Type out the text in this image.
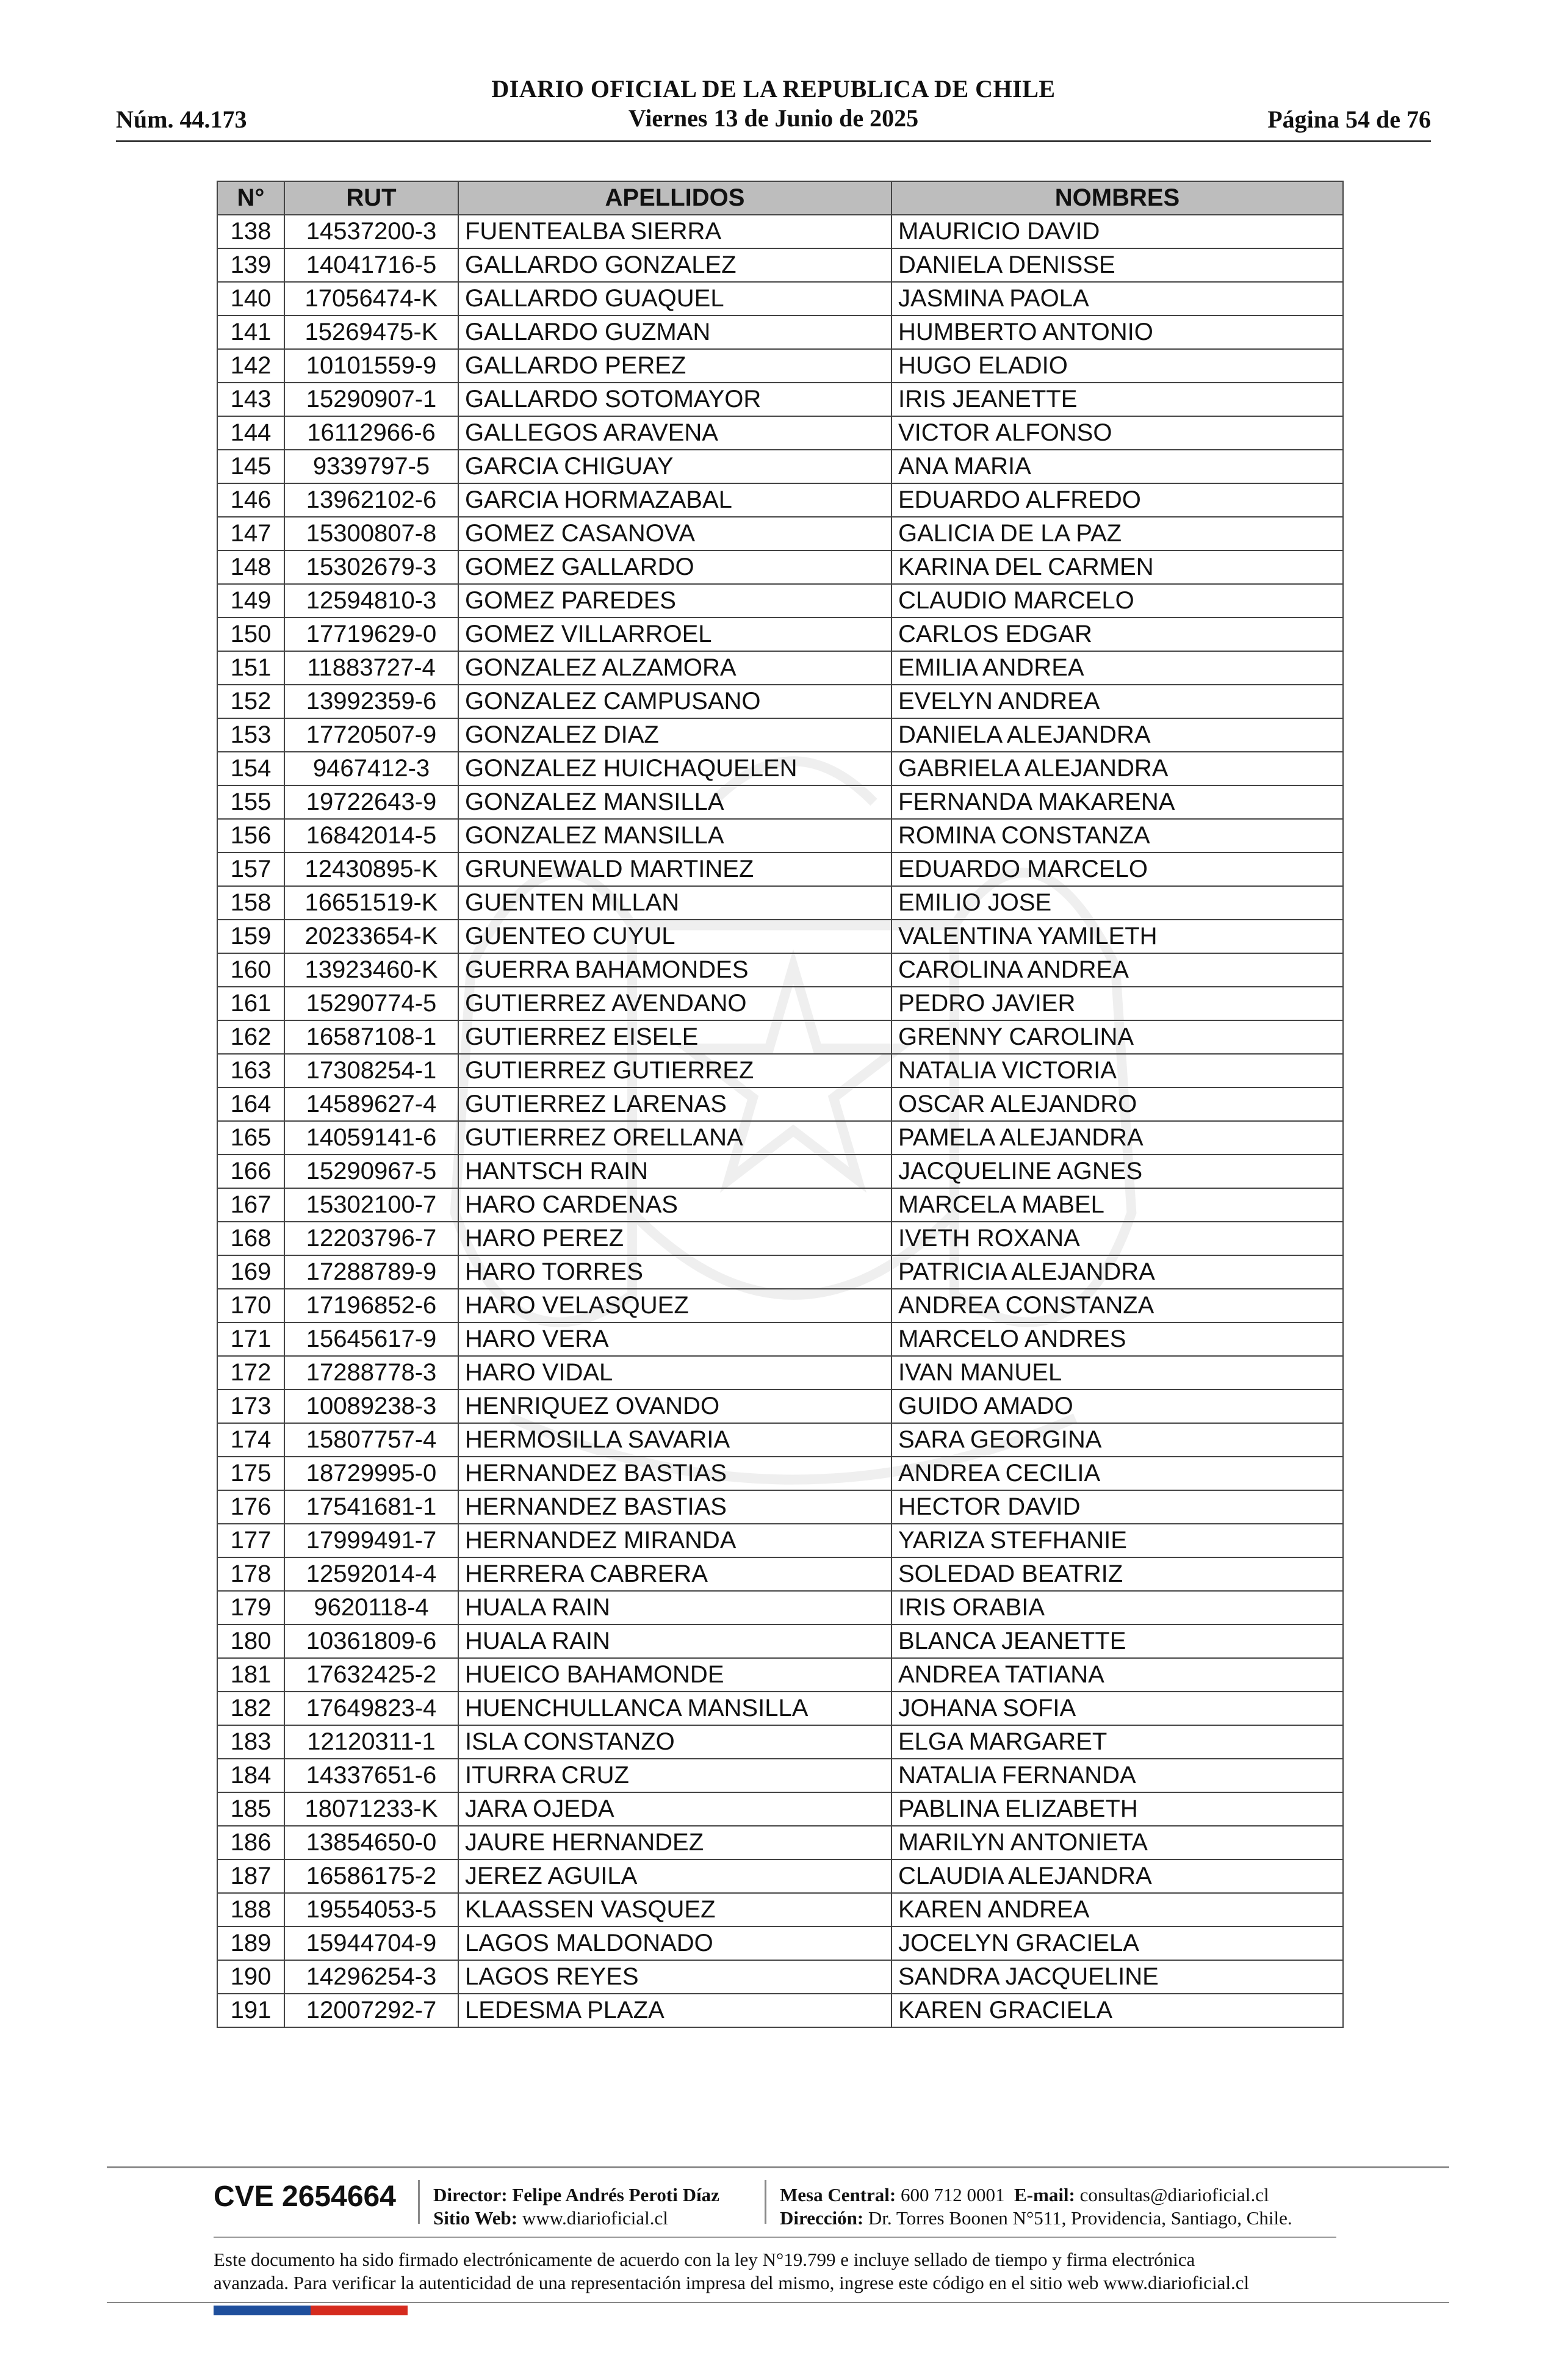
DIARIO OFICIAL DE LA REPUBLICA DE CHILE
Viernes 13 de Junio de 2025
Núm. 44.173	Página 54 de 76
N°	RUT	APELLIDOS	NOMBRES
138	14537200-3	FUENTEALBA SIERRA	MAURICIO DAVID
139	14041716-5	GALLARDO GONZALEZ	DANIELA DENISSE
140	17056474-K	GALLARDO GUAQUEL	JASMINA PAOLA
141	15269475-K	GALLARDO GUZMAN	HUMBERTO ANTONIO
142	10101559-9	GALLARDO PEREZ	HUGO ELADIO
143	15290907-1	GALLARDO SOTOMAYOR	IRIS JEANETTE
144	16112966-6	GALLEGOS ARAVENA	VICTOR ALFONSO
145	9339797-5	GARCIA CHIGUAY	ANA MARIA
146	13962102-6	GARCIA HORMAZABAL	EDUARDO ALFREDO
147	15300807-8	GOMEZ CASANOVA	GALICIA DE LA PAZ
148	15302679-3	GOMEZ GALLARDO	KARINA DEL CARMEN
149	12594810-3	GOMEZ PAREDES	CLAUDIO MARCELO
150	17719629-0	GOMEZ VILLARROEL	CARLOS EDGAR
151	11883727-4	GONZALEZ ALZAMORA	EMILIA ANDREA
152	13992359-6	GONZALEZ CAMPUSANO	EVELYN ANDREA
153	17720507-9	GONZALEZ DIAZ	DANIELA ALEJANDRA
154	9467412-3	GONZALEZ HUICHAQUELEN	GABRIELA ALEJANDRA
155	19722643-9	GONZALEZ MANSILLA	FERNANDA MAKARENA
156	16842014-5	GONZALEZ MANSILLA	ROMINA CONSTANZA
157	12430895-K	GRUNEWALD MARTINEZ	EDUARDO MARCELO
158	16651519-K	GUENTEN MILLAN	EMILIO JOSE
159	20233654-K	GUENTEO CUYUL	VALENTINA YAMILETH
160	13923460-K	GUERRA BAHAMONDES	CAROLINA ANDREA
161	15290774-5	GUTIERREZ AVENDANO	PEDRO JAVIER
162	16587108-1	GUTIERREZ EISELE	GRENNY CAROLINA
163	17308254-1	GUTIERREZ GUTIERREZ	NATALIA VICTORIA
164	14589627-4	GUTIERREZ LARENAS	OSCAR ALEJANDRO
165	14059141-6	GUTIERREZ ORELLANA	PAMELA ALEJANDRA
166	15290967-5	HANTSCH RAIN	JACQUELINE AGNES
167	15302100-7	HARO CARDENAS	MARCELA MABEL
168	12203796-7	HARO PEREZ	IVETH ROXANA
169	17288789-9	HARO TORRES	PATRICIA ALEJANDRA
170	17196852-6	HARO VELASQUEZ	ANDREA CONSTANZA
171	15645617-9	HARO VERA	MARCELO ANDRES
172	17288778-3	HARO VIDAL	IVAN MANUEL
173	10089238-3	HENRIQUEZ OVANDO	GUIDO AMADO
174	15807757-4	HERMOSILLA SAVARIA	SARA GEORGINA
175	18729995-0	HERNANDEZ BASTIAS	ANDREA CECILIA
176	17541681-1	HERNANDEZ BASTIAS	HECTOR DAVID
177	17999491-7	HERNANDEZ MIRANDA	YARIZA STEFHANIE
178	12592014-4	HERRERA CABRERA	SOLEDAD BEATRIZ
179	9620118-4	HUALA RAIN	IRIS ORABIA
180	10361809-6	HUALA RAIN	BLANCA JEANETTE
181	17632425-2	HUEICO BAHAMONDE	ANDREA TATIANA
182	17649823-4	HUENCHULLANCA MANSILLA	JOHANA SOFIA
183	12120311-1	ISLA CONSTANZO	ELGA MARGARET
184	14337651-6	ITURRA CRUZ	NATALIA FERNANDA
185	18071233-K	JARA OJEDA	PABLINA ELIZABETH
186	13854650-0	JAURE HERNANDEZ	MARILYN ANTONIETA
187	16586175-2	JEREZ AGUILA	CLAUDIA ALEJANDRA
188	19554053-5	KLAASSEN VASQUEZ	KAREN ANDREA
189	15944704-9	LAGOS MALDONADO	JOCELYN GRACIELA
190	14296254-3	LAGOS REYES	SANDRA JACQUELINE
191	12007292-7	LEDESMA PLAZA	KAREN GRACIELA
CVE 2654664 Director: Felipe Andrés Peroti Díaz
Sitio Web: www.diarioficial.cl
Mesa Central: 600 712 0001 E-mail: consultas@diarioficial.cl
Dirección: Dr. Torres Boonen N°511, Providencia, Santiago, Chile.
Este documento ha sido firmado electrónicamente de acuerdo con la ley N°19.799 e incluye sellado de tiempo y firma electrónica
avanzada. Para verificar la autenticidad de una representación impresa del mismo, ingrese este código en el sitio web www.diarioficial.cl
